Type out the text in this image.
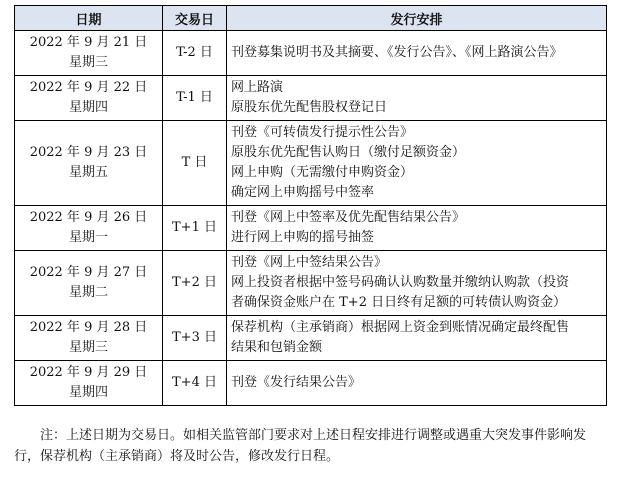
日期	交易日	发行安排

2022 年 9 月 21 日
星期三	T-2 日	刊登募集说明书及其摘要、《发行公告》、《网上路演公告》

2022 年 9 月 22 日
星期四	T-1 日	网上路演
原股东优先配售股权登记日

2022 年 9 月 23 日
星期五	T 日	刊登《可转债发行提示性公告》
原股东优先配售认购日（缴付足额资金）
网上申购（无需缴付申购资金）
确定网上申购摇号中签率

2022 年 9 月 26 日
星期一	T+1 日	刊登《网上中签率及优先配售结果公告》
进行网上申购的摇号抽签

2022 年 9 月 27 日
星期二	T+2 日	刊登《网上中签结果公告》
网上投资者根据中签号码确认认购数量并缴纳认购款（投资
者确保资金账户在 T+2 日日终有足额的可转债认购资金）

2022 年 9 月 28 日
星期三	T+3 日	保荐机构（主承销商）根据网上资金到账情况确定最终配售
结果和包销金额

2022 年 9 月 29 日
星期四	T+4 日	刊登《发行结果公告》
注：上述日期为交易日。如相关监管部门要求对上述日程安排进行调整或遇重大突发事件影响发行，保荐机构（主承销商）将及时公告，修改发行日程。
